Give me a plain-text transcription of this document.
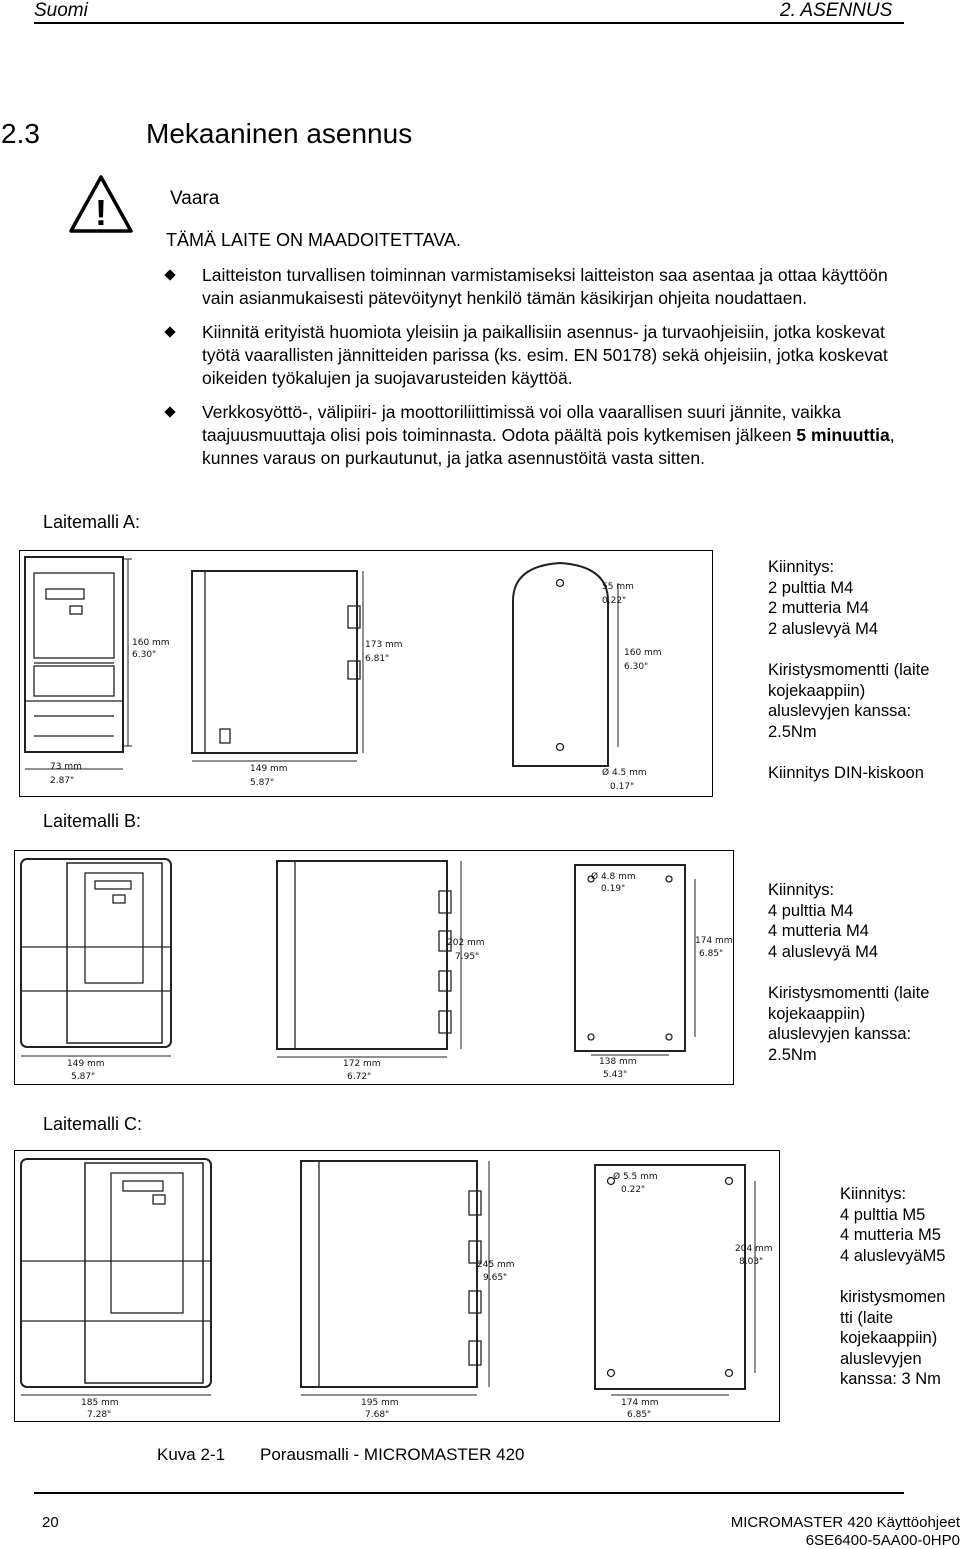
Suomi	2. ASENNUS
2.3	Mekaaninen asennus
!	Vaara
TÄMÄ LAITE ON MAADOITETTAVA.
Laitteiston turvallisen toiminnan varmistamiseksi laitteiston saa asentaa ja ottaa käyttöön vain asianmukaisesti pätevöitynyt henkilö tämän käsikirjan ohjeita noudattaen.
Kiinnitä erityistä huomiota yleisiin ja paikallisiin asennus- ja turvaohjeisiin, jotka koskevat työtä vaarallisten jännitteiden parissa (ks. esim. EN 50178) sekä ohjeisiin, jotka koskevat oikeiden työkalujen ja suojavarusteiden käyttöä.
Verkkosyöttö-, välipiiri- ja moottoriliittimissä voi olla vaarallisen suuri jännite, vaikka taajuusmuuttaja olisi pois toiminnasta. Odota päältä pois kytkemisen jälkeen 5 minuuttia, kunnes varaus on purkautunut, ja jatka asennustöitä vasta sitten.
Laitemalli A:
160 mm
6.30"
73 mm
2.87"
173 mm
6.81"
149 mm
5.87"
55 mm
0.22"
160 mm
6.30"
Ø 4.5 mm
0.17"
Kiinnitys:
2 pulttia M4
2 mutteria M4
2 aluslevyä M4

Kiristysmomentti (laite
kojekaappiin)
aluslevyjen kanssa:
2.5Nm

Kiinnitys DIN-kiskoon
Laitemalli B:
149 mm
5.87"
202 mm
7.95"
172 mm
6.72"
Ø 4.8 mm
0.19"
174 mm
6.85"
138 mm
5.43"
Kiinnitys:
4 pulttia M4
4 mutteria M4
4 aluslevyä M4

Kiristysmomentti (laite
kojekaappiin)
aluslevyjen kanssa:
2.5Nm
Laitemalli C:
185 mm
7.28"
245 mm
9.65"
195 mm
7.68"
Ø 5.5 mm
0.22"
204 mm
8.03"
174 mm
6.85"
Kiinnitys:
4 pulttia M5
4 mutteria M5
4 aluslevyäM5

kiristysmomen
tti (laite
kojekaappiin)
aluslevyjen
kanssa: 3 Nm
Kuva 2-1 Porausmalli - MICROMASTER 420
20	MICROMASTER 420 Käyttöohjeet
6SE6400-5AA00-0HP0
